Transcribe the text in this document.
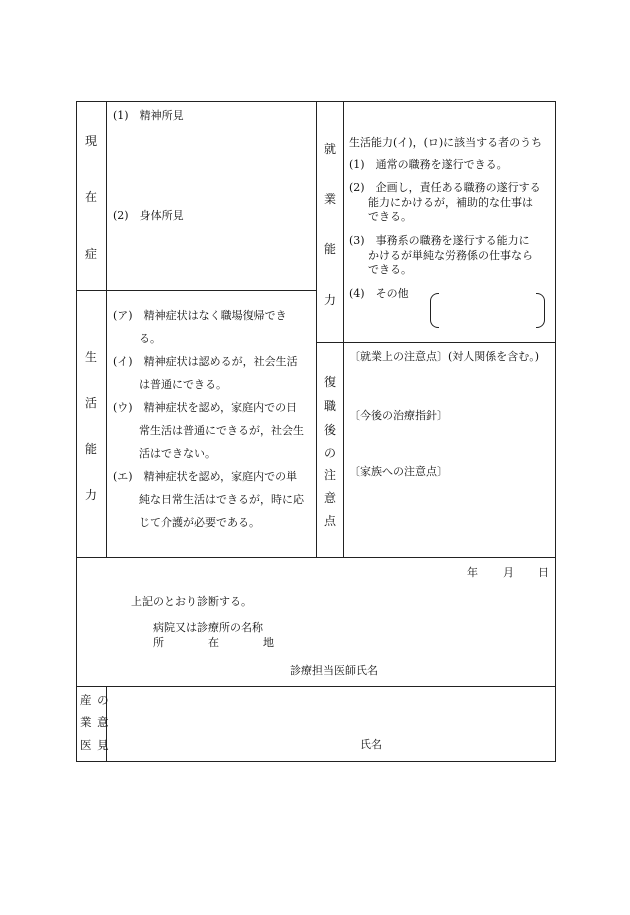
現
在
症
(1)　精神所見
(2)　身体所見
生
活
能
力
(ア)　精神症状はなく職場復帰でき
る。
(イ)　精神症状は認めるが，社会生活
は普通にできる。
(ウ)　精神症状を認め，家庭内での日
常生活は普通にできるが，社会生
活はできない。
(エ)　精神症状を認め，家庭内での単
純な日常生活はできるが，時に応
じて介護が必要である。
就
業
能
力
生活能力(イ)，(ロ)に該当する者のうち
(1)　通常の職務を遂行できる。
(2)　企画し，責任ある職務の遂行する
能力にかけるが，補助的な仕事は
できる。
(3)　事務系の職務を遂行する能力に
かけるが単純な労務係の仕事なら
できる。
(4)　その他
復
職
後
の
注
意
点
〔就業上の注意点〕(対人関係を含む。)
〔今後の治療指針〕
〔家族への注意点〕
年 月 日
上記のとおり診断する。
病院又は診療所の名称
所　　　　在　　　　地
診療担当医師氏名
産 の
業 意
医 見	氏名
